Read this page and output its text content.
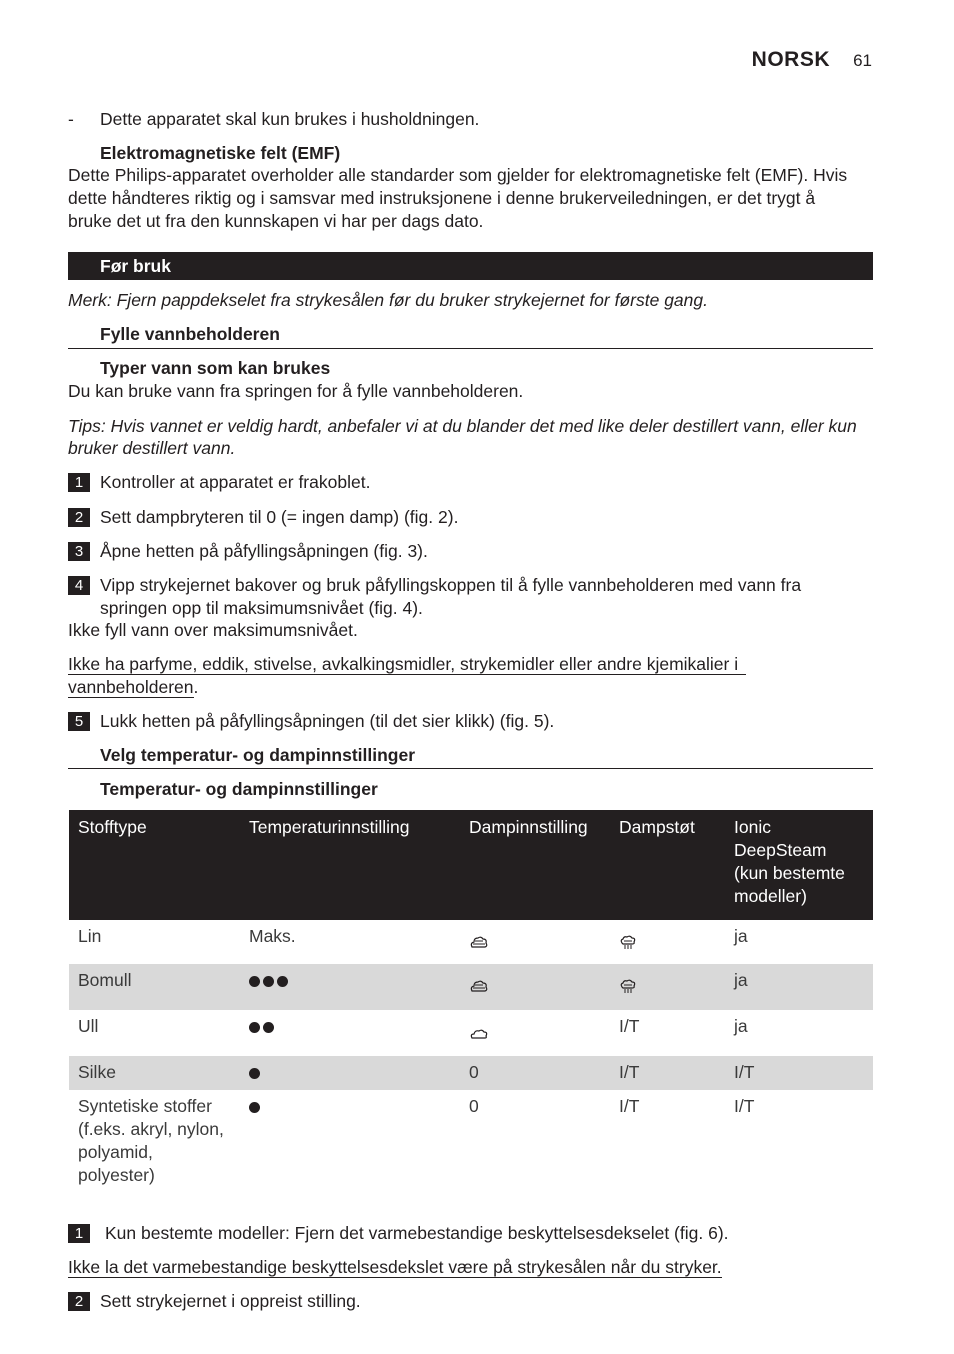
NORSK 61
- Dette apparatet skal kun brukes i husholdningen.
Elektromagnetiske felt (EMF)
Dette Philips-apparatet overholder alle standarder som gjelder for elektromagnetiske felt (EMF). Hvis
dette håndteres riktig og i samsvar med instruksjonene i denne brukerveiledningen, er det trygt å
bruke det ut fra den kunnskapen vi har per dags dato.
Før bruk
Merk: Fjern pappdekselet fra strykesålen før du bruker strykejernet for første gang.
Fylle vannbeholderen
Typer vann som kan brukes
Du kan bruke vann fra springen for å fylle vannbeholderen.
Tips: Hvis vannet er veldig hardt, anbefaler vi at du blander det med like deler destillert vann, eller kun
bruker destillert vann.
1 Kontroller at apparatet er frakoblet.
2 Sett dampbryteren til 0 (= ingen damp) (fig. 2).
3 Åpne hetten på påfyllingsåpningen (fig. 3).
4 Vipp strykejernet bakover og bruk påfyllingskoppen til å fylle vannbeholderen med vann fra
springen opp til maksimumsnivået (fig. 4).
Ikke fyll vann over maksimumsnivået.
Ikke ha parfyme, eddik, stivelse, avkalkingsmidler, strykemidler eller andre kjemikalier i
vannbeholderen.
5 Lukk hetten på påfyllingsåpningen (til det sier klikk) (fig. 5).
Velg temperatur- og dampinnstillinger
Temperatur- og dampinnstillinger
Stofftype	Temperaturinnstilling	Dampinnstilling	Dampstøt	Ionic DeepSteam (kun bestemte modeller)
Lin	Maks.			ja
Bomull				ja
Ull			I/T	ja
Silke		0	I/T	I/T
Syntetiske stoffer (f.eks. akryl, nylon, polyamid, polyester)		0	I/T	I/T
1 Kun bestemte modeller: Fjern det varmebestandige beskyttelsesdekselet (fig. 6).
Ikke la det varmebestandige beskyttelsesdekslet være på strykesålen når du stryker.
2 Sett strykejernet i oppreist stilling.
